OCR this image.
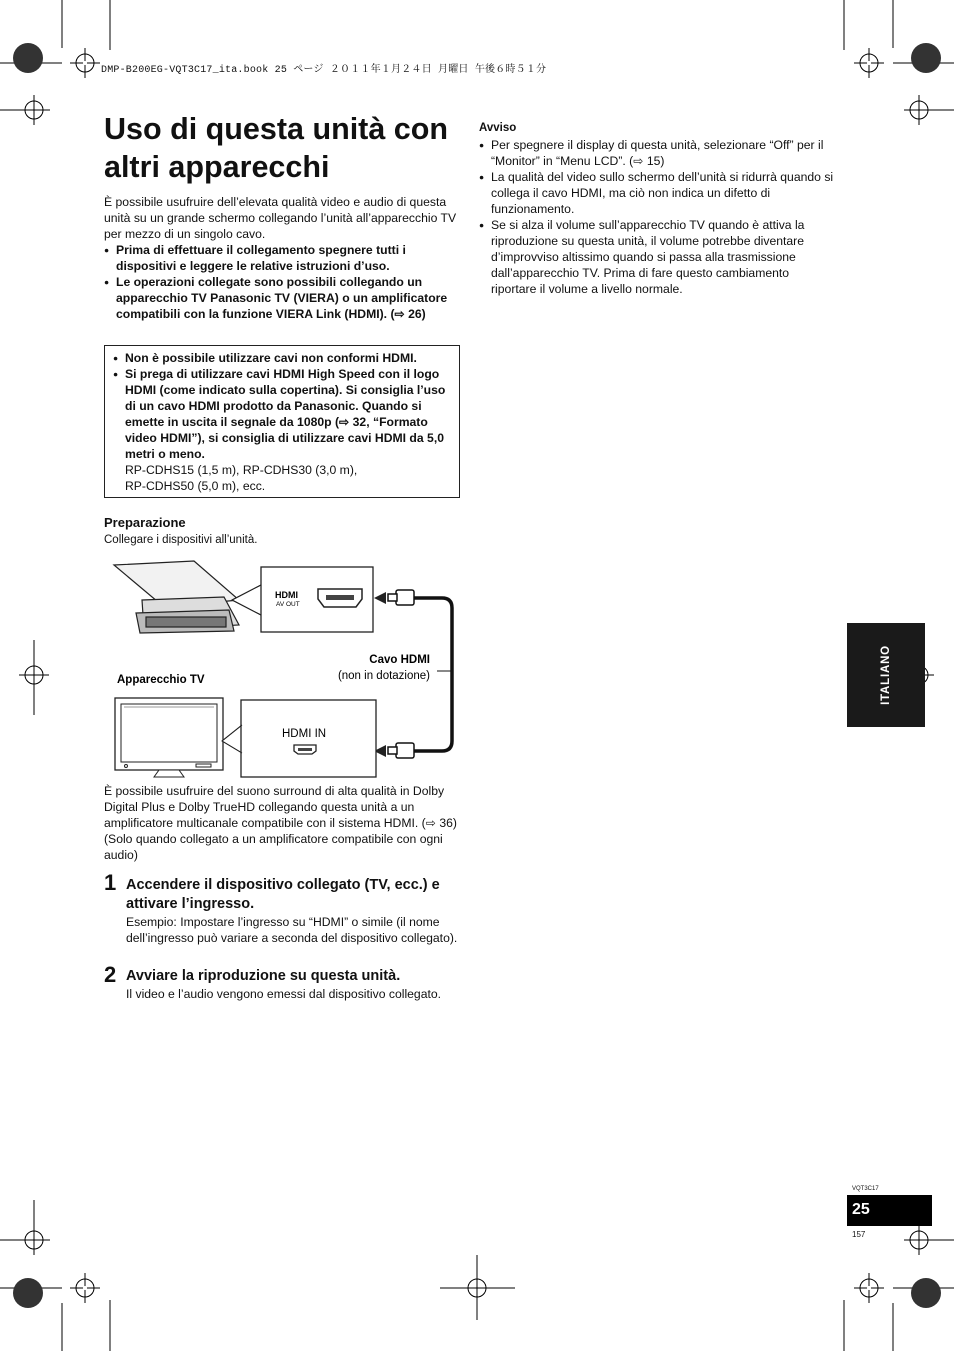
DMP-B200EG-VQT3C17_ita.book 25 ページ ２０１１年１月２４日 月曜日 午後６時５１分
Uso di questa unità con
altri apparecchi
È possibile usufruire dell’elevata qualità video e audio di questa unità su un grande schermo collegando l’unità all’apparecchio TV per mezzo di un singolo cavo.
● Prima di effettuare il collegamento spegnere tutti i dispositivi e leggere le relative istruzioni d’uso.
● Le operazioni collegate sono possibili collegando un apparecchio TV Panasonic TV (VIERA) o un amplificatore compatibili con la funzione VIERA Link (HDMI). (⇨ 26)
● Non è possibile utilizzare cavi non conformi HDMI.
● Si prega di utilizzare cavi HDMI High Speed con il logo HDMI (come indicato sulla copertina). Si consiglia l’uso di un cavo HDMI prodotto da Panasonic. Quando si emette in uscita il segnale da 1080p (⇨ 32, “Formato video HDMI”), si consiglia di utilizzare cavi HDMI da 5,0 metri o meno.
RP-CDHS15 (1,5 m), RP-CDHS30 (3,0 m),
RP-CDHS50 (5,0 m), ecc.
Preparazione
Collegare i dispositivi all’unità.
HDMI
AV OUT
Cavo HDMI
(non in dotazione)
Apparecchio TV
HDMI IN
È possibile usufruire del suono surround di alta qualità in Dolby Digital Plus e Dolby TrueHD collegando questa unità a un amplificatore multicanale compatibile con il sistema HDMI. (⇨ 36) (Solo quando collegato a un amplificatore compatibile con ogni audio)
1 Accendere il dispositivo collegato (TV, ecc.) e attivare l’ingresso.
Esempio: Impostare l’ingresso su “HDMI” o simile (il nome dell’ingresso può variare a seconda del dispositivo collegato).
2 Avviare la riproduzione su questa unità.
Il video e l’audio vengono emessi dal dispositivo collegato.
Avviso
● Per spegnere il display di questa unità, selezionare “Off” per il “Monitor” in “Menu LCD”. (⇨ 15)
● La qualità del video sullo schermo dell’unità si ridurrà quando si collega il cavo HDMI, ma ciò non indica un difetto di funzionamento.
● Se si alza il volume sull’apparecchio TV quando è attiva la riproduzione su questa unità, il volume potrebbe diventare d’improvviso altissimo quando si passa alla trasmissione dall’apparecchio TV. Prima di fare questo cambiamento riportare il volume a livello normale.
ITALIANO
VQT3C17
25
157
